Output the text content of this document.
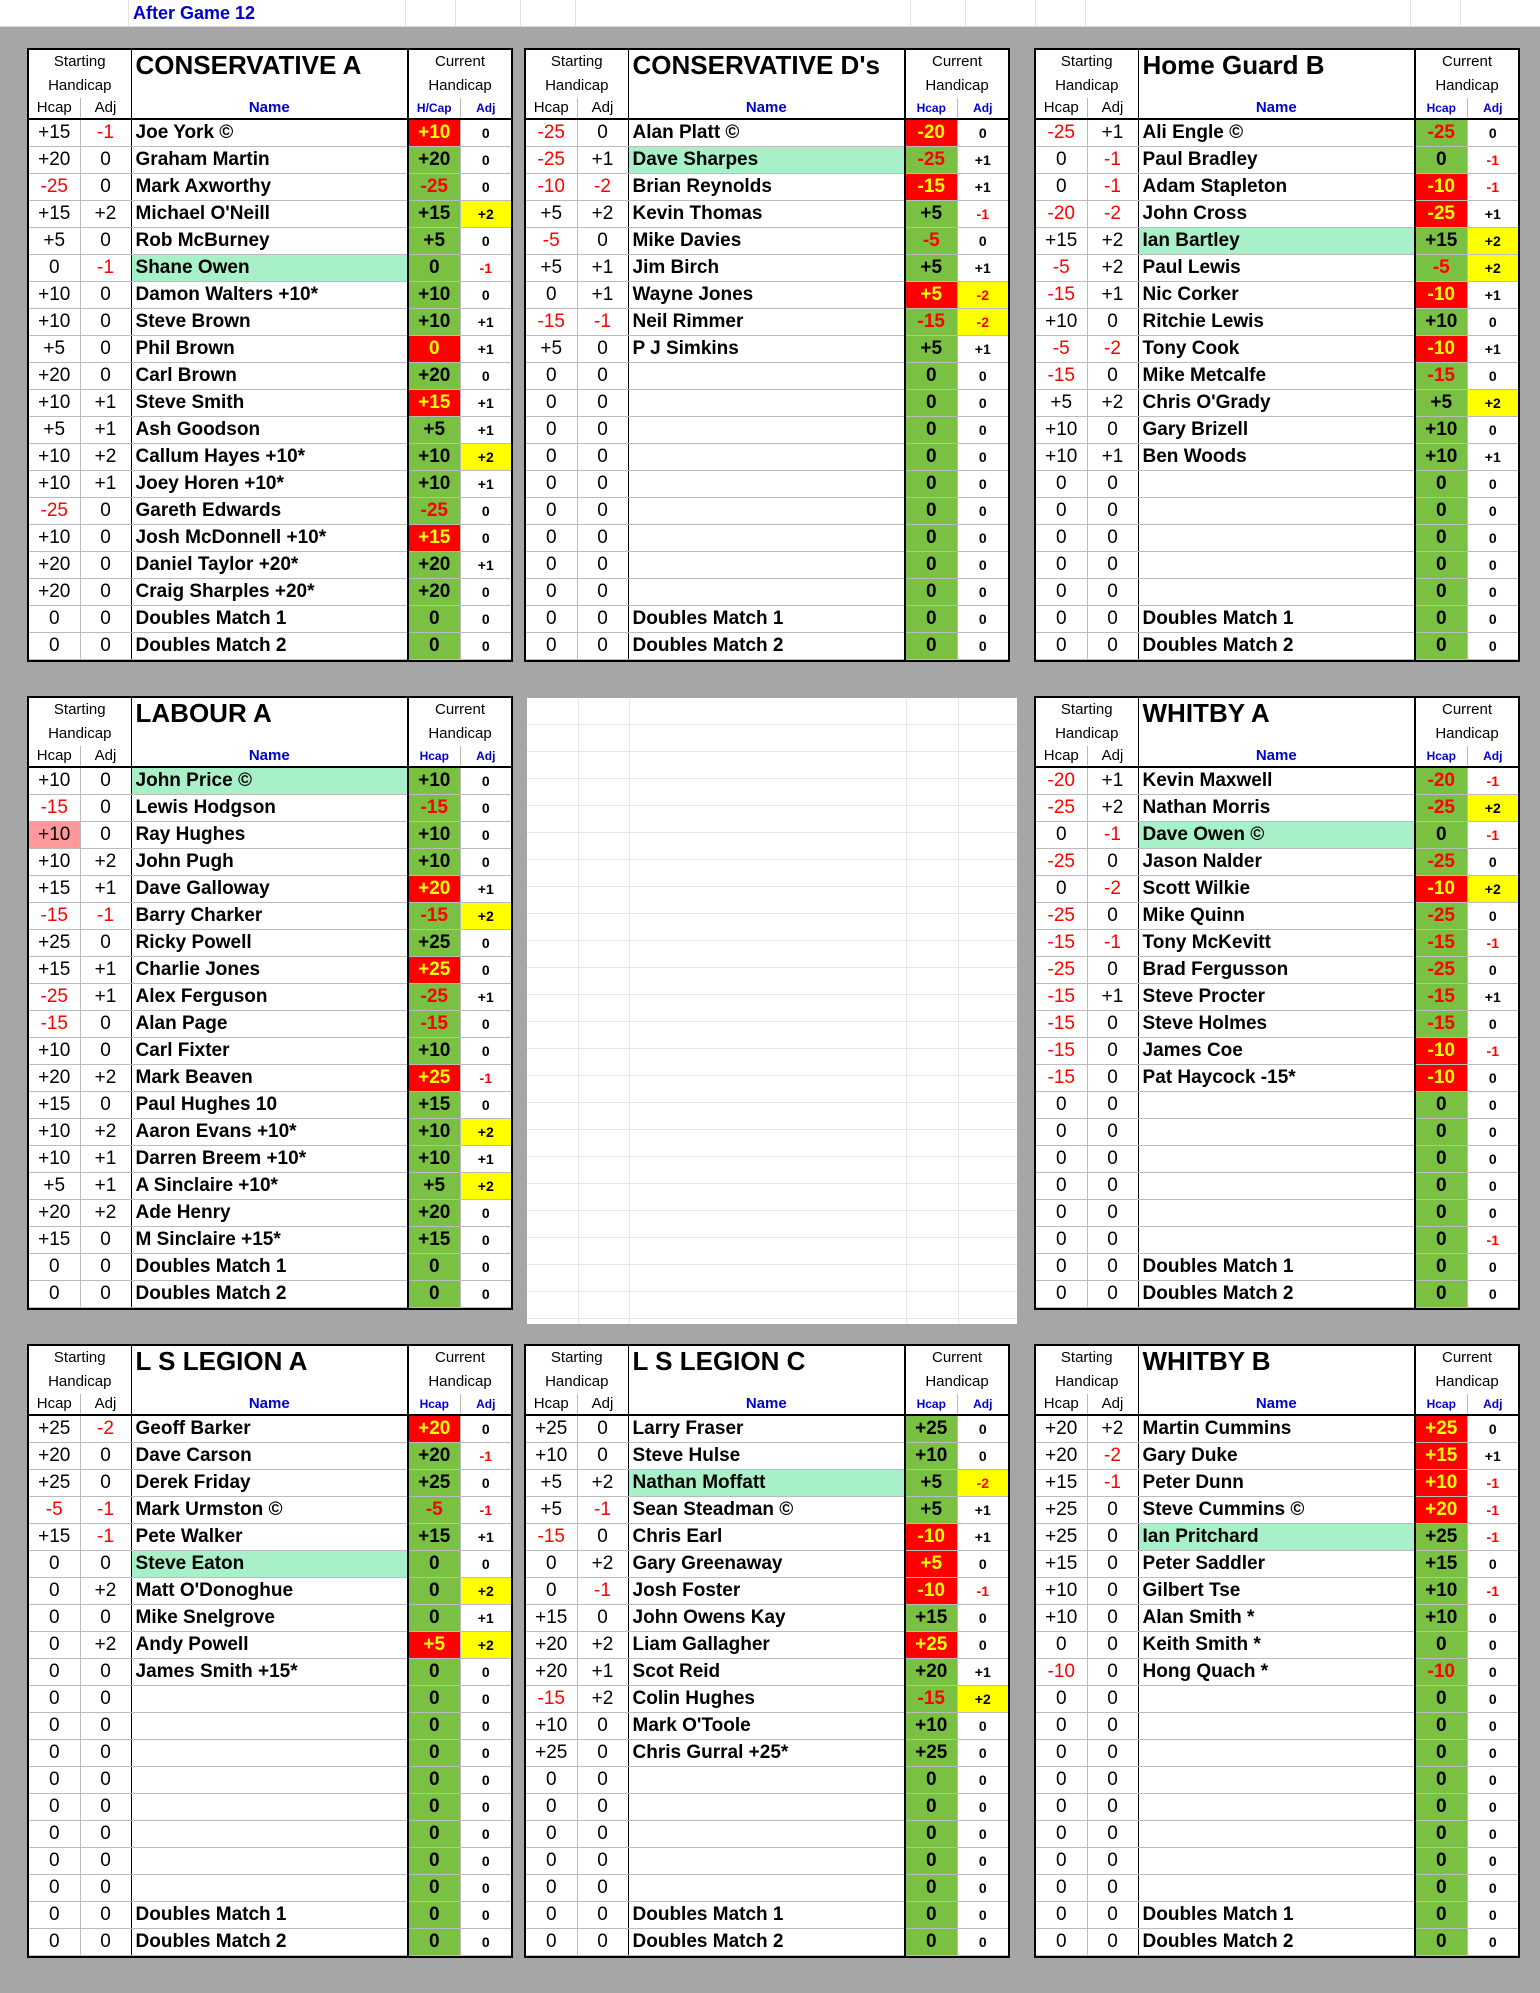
After Game 12
Starting		CONSERVATIVE A	Current	
Handicap			Handicap	
Hcap	Adj	Name	H/Cap	Adj
+15	-1	Joe York ©	+10	0
+20	0	Graham Martin	+20	0
-25	0	Mark Axworthy	-25	0
+15	+2	Michael O'Neill	+15	+2
+5	0	Rob McBurney	+5	0
0	-1	Shane Owen	0	-1
+10	0	Damon Walters +10*	+10	0
+10	0	Steve Brown	+10	+1
+5	0	Phil Brown	0	+1
+20	0	Carl Brown	+20	0
+10	+1	Steve Smith	+15	+1
+5	+1	Ash Goodson	+5	+1
+10	+2	Callum Hayes +10*	+10	+2
+10	+1	Joey Horen +10*	+10	+1
-25	0	Gareth Edwards	-25	0
+10	0	Josh McDonnell +10*	+15	0
+20	0	Daniel Taylor +20*	+20	+1
+20	0	Craig Sharples +20*	+20	0
0	0	Doubles Match 1	0	0
0	0	Doubles Match 2	0	0
Starting		CONSERVATIVE D's	Current	
Handicap			Handicap	
Hcap	Adj	Name	Hcap	Adj
-25	0	Alan Platt ©	-20	0
-25	+1	Dave Sharpes	-25	+1
-10	-2	Brian Reynolds	-15	+1
+5	+2	Kevin Thomas	+5	-1
-5	0	Mike Davies	-5	0
+5	+1	Jim Birch	+5	+1
0	+1	Wayne Jones	+5	-2
-15	-1	Neil Rimmer	-15	-2
+5	0	P J Simkins	+5	+1
0	0		0	0
0	0		0	0
0	0		0	0
0	0		0	0
0	0		0	0
0	0		0	0
0	0		0	0
0	0		0	0
0	0		0	0
0	0	Doubles Match 1	0	0
0	0	Doubles Match 2	0	0
Starting		Home Guard B	Current	
Handicap			Handicap	
Hcap	Adj	Name	Hcap	Adj
-25	+1	Ali Engle ©	-25	0
0	-1	Paul Bradley	0	-1
0	-1	Adam Stapleton	-10	-1
-20	-2	John Cross	-25	+1
+15	+2	Ian Bartley	+15	+2
-5	+2	Paul Lewis	-5	+2
-15	+1	Nic Corker	-10	+1
+10	0	Ritchie Lewis	+10	0
-5	-2	Tony Cook	-10	+1
-15	0	Mike Metcalfe	-15	0
+5	+2	Chris O'Grady	+5	+2
+10	0	Gary Brizell	+10	0
+10	+1	Ben Woods	+10	+1
0	0		0	0
0	0		0	0
0	0		0	0
0	0		0	0
0	0		0	0
0	0	Doubles Match 1	0	0
0	0	Doubles Match 2	0	0
Starting		LABOUR A	Current	
Handicap			Handicap	
Hcap	Adj	Name	Hcap	Adj
+10	0	John Price ©	+10	0
-15	0	Lewis Hodgson	-15	0
+10	0	Ray Hughes	+10	0
+10	+2	John Pugh	+10	0
+15	+1	Dave Galloway	+20	+1
-15	-1	Barry Charker	-15	+2
+25	0	Ricky Powell	+25	0
+15	+1	Charlie Jones	+25	0
-25	+1	Alex Ferguson	-25	+1
-15	0	Alan Page	-15	0
+10	0	Carl Fixter	+10	0
+20	+2	Mark Beaven	+25	-1
+15	0	Paul Hughes 10	+15	0
+10	+2	Aaron Evans +10*	+10	+2
+10	+1	Darren Breem +10*	+10	+1
+5	+1	A Sinclaire +10*	+5	+2
+20	+2	Ade Henry	+20	0
+15	0	M Sinclaire +15*	+15	0
0	0	Doubles Match 1	0	0
0	0	Doubles Match 2	0	0
Starting		WHITBY A	Current	
Handicap			Handicap	
Hcap	Adj	Name	Hcap	Adj
-20	+1	Kevin Maxwell	-20	-1
-25	+2	Nathan Morris	-25	+2
0	-1	Dave Owen ©	0	-1
-25	0	Jason Nalder	-25	0
0	-2	Scott Wilkie	-10	+2
-25	0	Mike Quinn	-25	0
-15	-1	Tony McKevitt	-15	-1
-25	0	Brad Fergusson	-25	0
-15	+1	Steve Procter	-15	+1
-15	0	Steve Holmes	-15	0
-15	0	James Coe	-10	-1
-15	0	Pat Haycock -15*	-10	0
0	0		0	0
0	0		0	0
0	0		0	0
0	0		0	0
0	0		0	0
0	0		0	-1
0	0	Doubles Match 1	0	0
0	0	Doubles Match 2	0	0
Starting		L S LEGION A	Current	
Handicap			Handicap	
Hcap	Adj	Name	Hcap	Adj
+25	-2	Geoff Barker	+20	0
+20	0	Dave Carson	+20	-1
+25	0	Derek Friday	+25	0
-5	-1	Mark Urmston ©	-5	-1
+15	-1	Pete Walker	+15	+1
0	0	Steve Eaton	0	0
0	+2	Matt O'Donoghue	0	+2
0	0	Mike Snelgrove	0	+1
0	+2	Andy Powell	+5	+2
0	0	James Smith +15*	0	0
0	0		0	0
0	0		0	0
0	0		0	0
0	0		0	0
0	0		0	0
0	0		0	0
0	0		0	0
0	0		0	0
0	0	Doubles Match 1	0	0
0	0	Doubles Match 2	0	0
Starting		L S LEGION C	Current	
Handicap			Handicap	
Hcap	Adj	Name	Hcap	Adj
+25	0	Larry Fraser	+25	0
+10	0	Steve Hulse	+10	0
+5	+2	Nathan Moffatt	+5	-2
+5	-1	Sean Steadman ©	+5	+1
-15	0	Chris Earl	-10	+1
0	+2	Gary Greenaway	+5	0
0	-1	Josh Foster	-10	-1
+15	0	John Owens Kay	+15	0
+20	+2	Liam Gallagher	+25	0
+20	+1	Scot Reid	+20	+1
-15	+2	Colin Hughes	-15	+2
+10	0	Mark O'Toole	+10	0
+25	0	Chris Gurral +25*	+25	0
0	0		0	0
0	0		0	0
0	0		0	0
0	0		0	0
0	0		0	0
0	0	Doubles Match 1	0	0
0	0	Doubles Match 2	0	0
Starting		WHITBY B	Current	
Handicap			Handicap	
Hcap	Adj	Name	Hcap	Adj
+20	+2	Martin Cummins	+25	0
+20	-2	Gary Duke	+15	+1
+15	-1	Peter Dunn	+10	-1
+25	0	Steve Cummins ©	+20	-1
+25	0	Ian Pritchard	+25	-1
+15	0	Peter Saddler	+15	0
+10	0	Gilbert Tse	+10	-1
+10	0	Alan Smith *	+10	0
0	0	Keith Smith *	0	0
-10	0	Hong Quach *	-10	0
0	0		0	0
0	0		0	0
0	0		0	0
0	0		0	0
0	0		0	0
0	0		0	0
0	0		0	0
0	0		0	0
0	0	Doubles Match 1	0	0
0	0	Doubles Match 2	0	0
